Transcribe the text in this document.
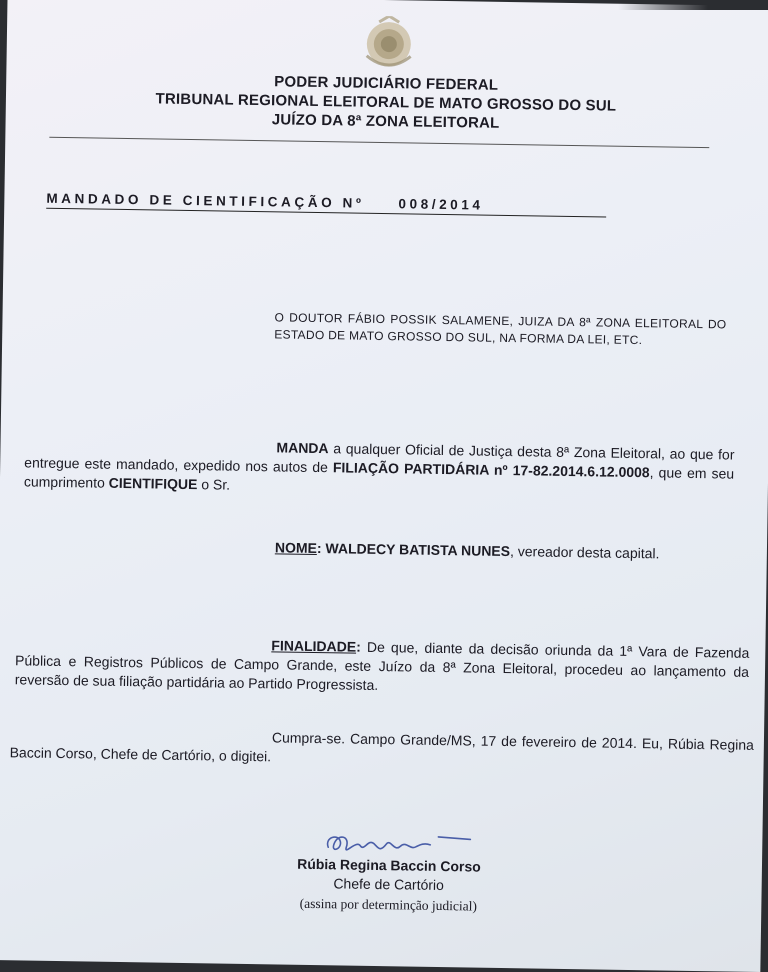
PODER JUDICIÁRIO FEDERAL
TRIBUNAL REGIONAL ELEITORAL DE MATO GROSSO DO SUL
JUÍZO DA 8ª ZONA ELEITORAL
MANDADO DE CIENTIFICAÇÃO Nº	008/2014
O DOUTOR FÁBIO POSSIK SALAMENE, JUIZA DA 8ª ZONA ELEITORAL DO ESTADO DE MATO GROSSO DO SUL, NA FORMA DA LEI, ETC.
MANDA a qualquer Oficial de Justiça desta 8ª Zona Eleitoral, ao que for entregue este mandado, expedido nos autos de FILIAÇÃO PARTIDÁRIA nº 17-82.2014.6.12.0008, que em seu cumprimento CIENTIFIQUE o Sr.
NOME: WALDECY BATISTA NUNES, vereador desta capital.
FINALIDADE: De que, diante da decisão oriunda da 1ª Vara de Fazenda Pública e Registros Públicos de Campo Grande, este Juízo da 8ª Zona Eleitoral, procedeu ao lançamento da reversão de sua filiação partidária ao Partido Progressista.
Cumpra-se. Campo Grande/MS, 17 de fevereiro de 2014. Eu, Rúbia Regina Baccin Corso, Chefe de Cartório, o digitei.
Rúbia Regina Baccin Corso
Chefe de Cartório
(assina por determinção judicial)
